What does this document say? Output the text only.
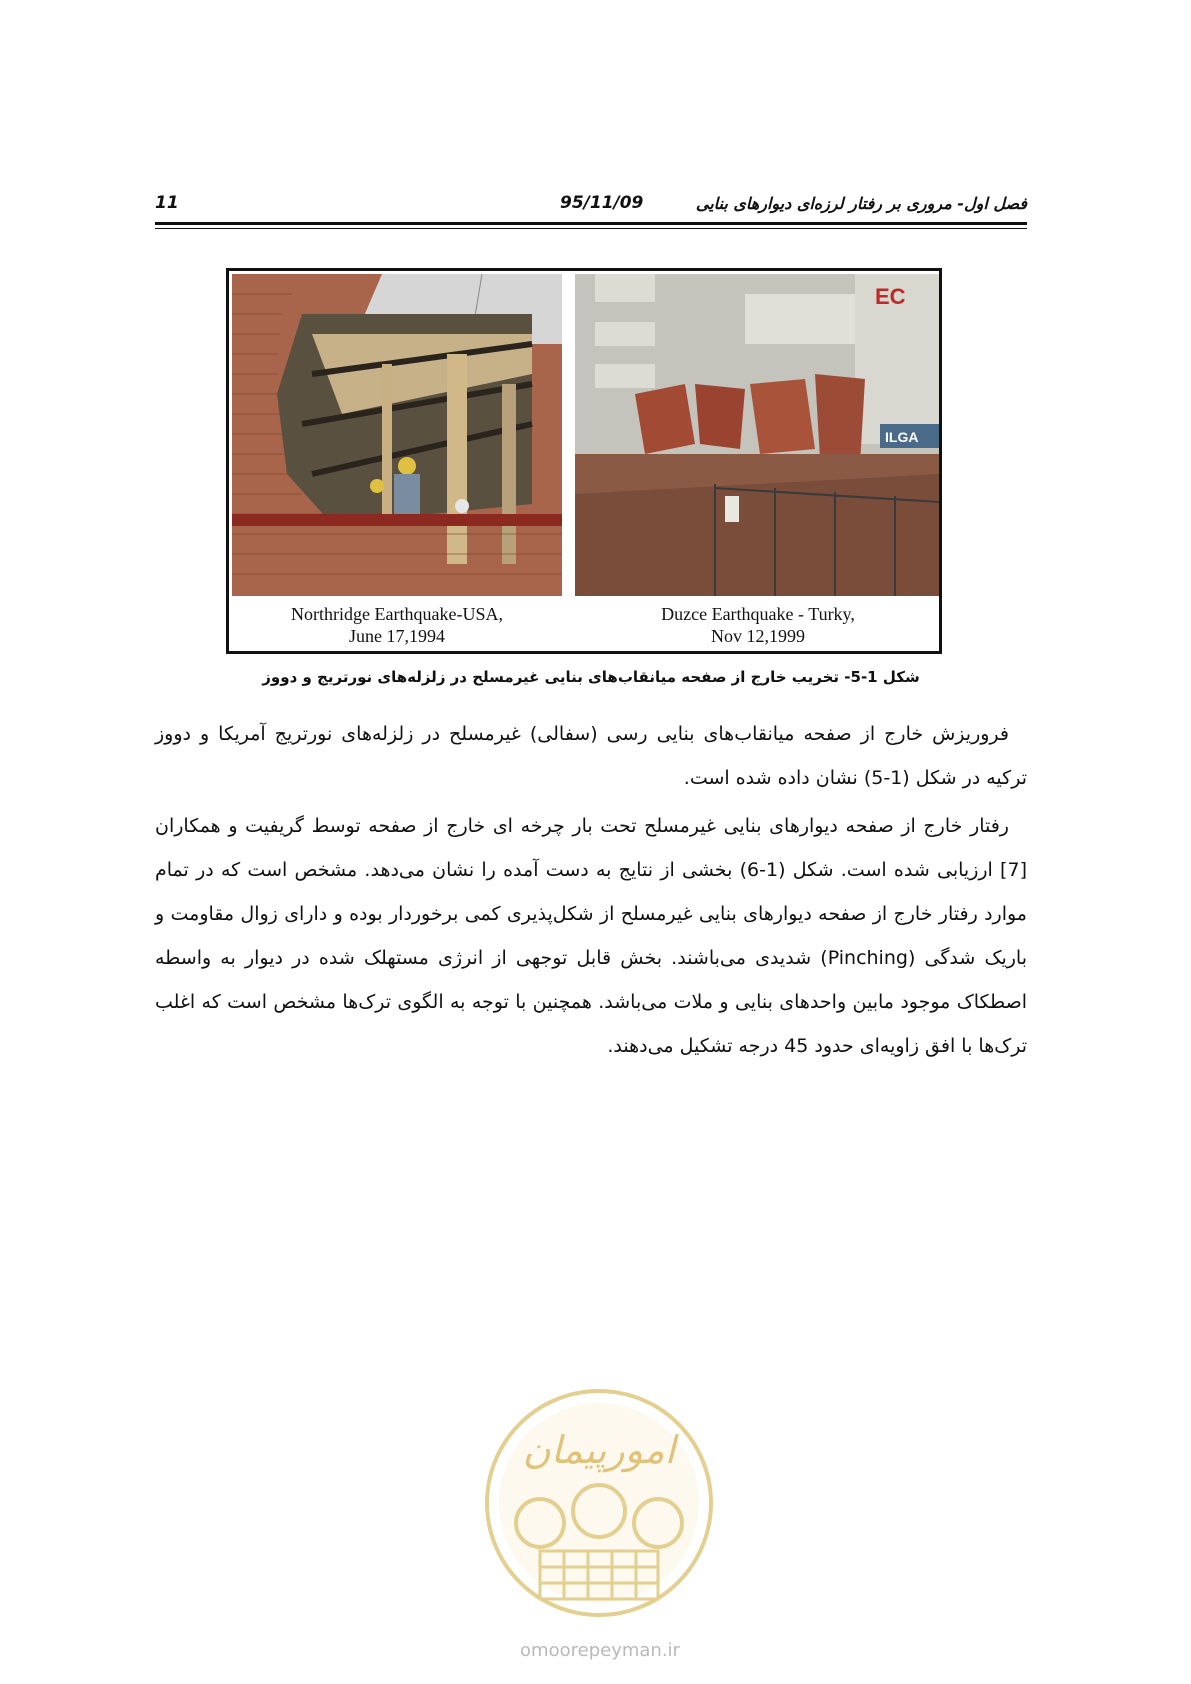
11	95/11/09	فصل اول- مروری بر رفتار لرزه‌ای دیوارهای بنایی
EC
ILGA
Northridge Earthquake-USA,
June 17,1994
Duzce Earthquake - Turky,
Nov 12,1999
شکل 1-5- تخریب خارج از صفحه میانقاب‌های بنایی غیرمسلح در زلزله‌های نورتریج و دووز

فروریزش خارج از صفحه میانقاب‌های بنایی رسی (سفالی) غیرمسلح در زلزله‌های نورتریج آمریکا و دووز ترکیه در شکل (1-5) نشان داده شده است.

رفتار خارج از صفحه دیوارهای بنایی غیرمسلح تحت بار چرخه ای خارج از صفحه توسط گریفیت و همکاران [7] ارزیابی شده است. شکل (1-6) بخشی از نتایج به دست آمده را نشان می‌دهد. مشخص است که در تمام موارد رفتار خارج از صفحه دیوارهای بنایی غیرمسلح از شکل‌پذیری کمی برخوردار بوده و دارای زوال مقاومت و باریک شدگی (Pinching) شدیدی می‌باشند. بخش قابل توجهی از انرژی مستهلک شده در دیوار به واسطه اصطکاک موجود مابین واحدهای بنایی و ملات می‌باشد. همچنین با توجه به الگوی ترک‌ها مشخص است که اغلب ترک‌ها با افق زاویه‌ای حدود 45 درجه تشکیل می‌دهند.

امورپیمان
omoorepeyman.ir
